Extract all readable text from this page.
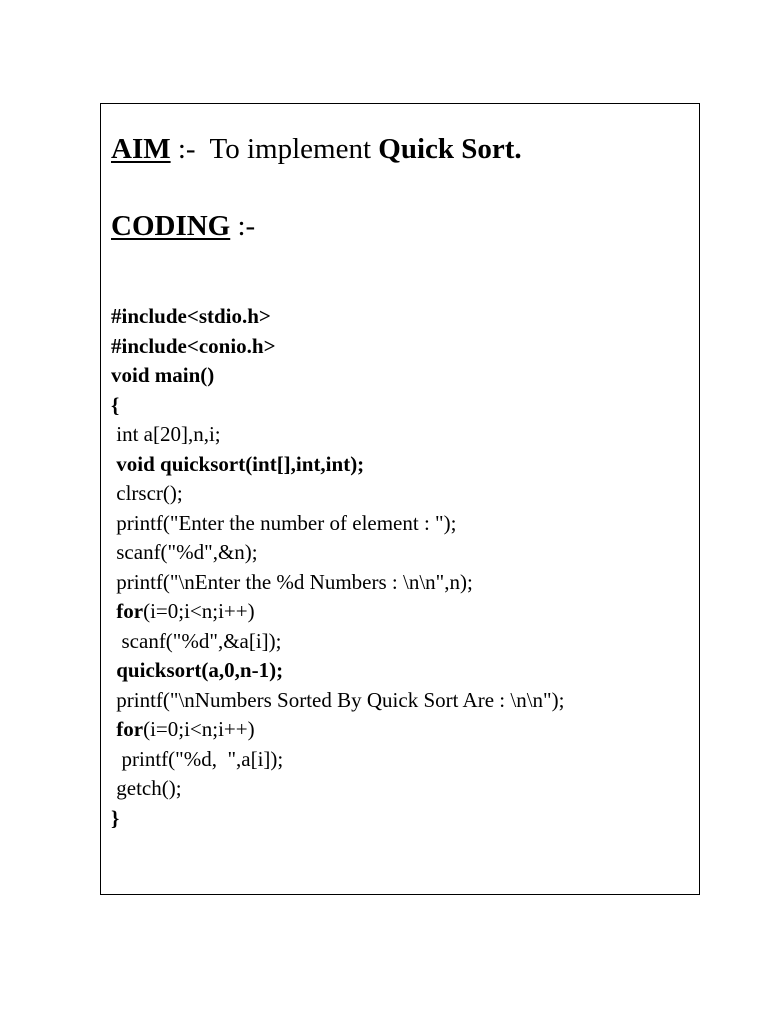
AIM :-  To implement Quick Sort.
CODING :-
#include<stdio.h>
#include<conio.h>
void main()
{
int a[20],n,i;
void quicksort(int[],int,int);
clrscr();
printf("Enter the number of element : ");
scanf("%d",&n);
printf("\nEnter the %d Numbers : \n\n",n);
for(i=0;i<n;i++)
scanf("%d",&a[i]);
quicksort(a,0,n-1);
printf("\nNumbers Sorted By Quick Sort Are : \n\n");
for(i=0;i<n;i++)
printf("%d,  ",a[i]);
getch();
}
